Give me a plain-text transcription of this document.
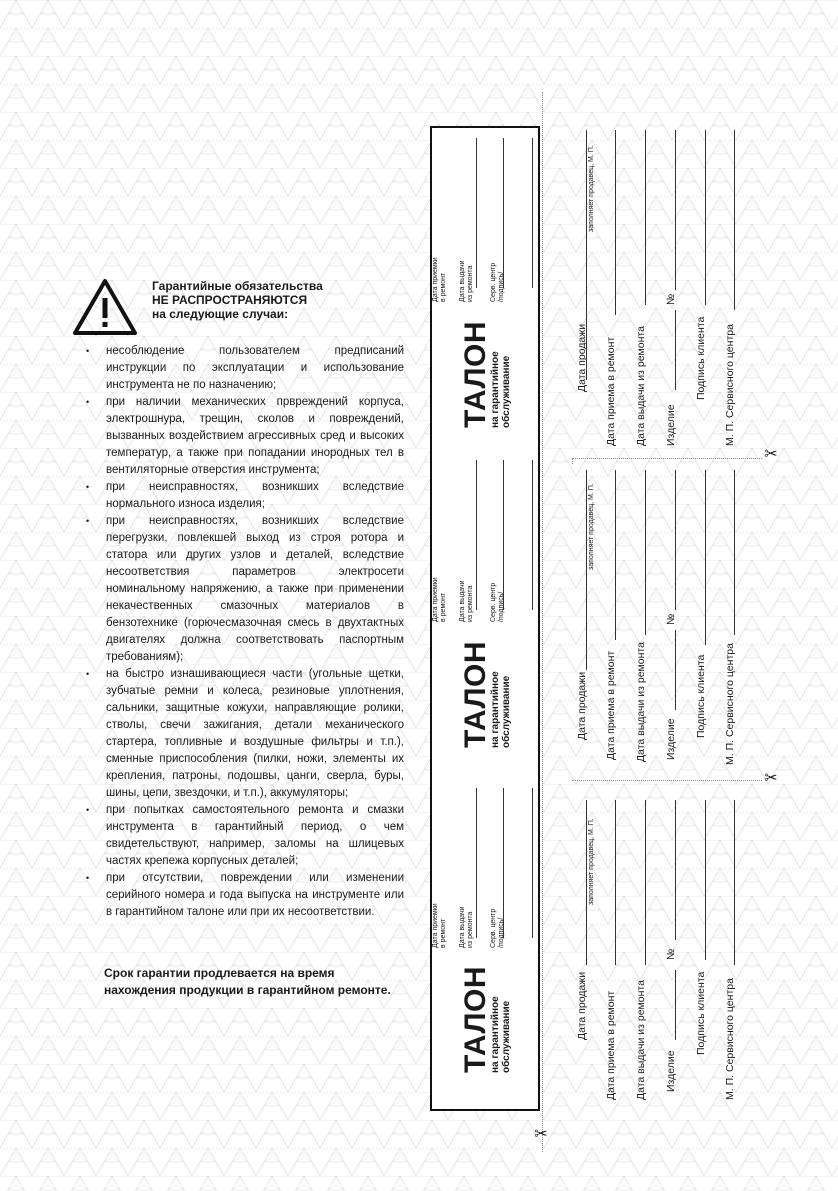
Гарантийные обязательства
НЕ РАСПРОСТРАНЯЮТСЯ
на следующие случаи:
• несоблюдение пользователем предписаний инструкции по эксплуатации и использование инструмента не по назначению;
• при наличии механических првреждений корпуса, электрошнура, трещин, сколов и повреждений, вызванных воздействием агрессивных сред и высоких температур, а также при попадании инородных тел в вентиляторные отверстия инструмента;
• при неисправностях, возникших вследствие нормального износа изделия;
• при неисправностях, возникших вследствие перегрузки, повлекшей выход из строя ротора и статора или других узлов и деталей, вследствие несоответствия параметров электросети номинальному напряжению, а также при применении некачественных смазочных материалов в бензотехнике (горючесмазочная смесь в двухтактных двигателях должна соответствовать паспортным требованиям);
• на быстро изнашивающиеся части (угольные щетки, зубчатые ремни и колеса, резиновые уплотнения, сальники, защитные кожухи, направляющие ролики, стволы, свечи зажигания, детали механического стартера, топливные и воздушные фильтры и т.п.), сменные приспособления (пилки, ножи, элементы их крепления, патроны, подошвы, цанги, сверла, буры, шины, цепи, звездочки, и т.п.), аккумуляторы;
• при попытках самостоятельного ремонта и смазки инструмента в гарантийный период, о чем свидетельствуют, например, заломы на шлицевых частях крепежа корпусных деталей;
• при отсутствии, повреждении или изменении серийного номера и года выпуска на инструменте или в гарантийном талоне или при их несоответствии.
Срок гарантии продлевается на время
нахождения продукции в гарантийном ремонте.
ТАЛОН
на гарантийное обслуживание
Дата приемки в ремонт Дата выдачи из ремонта Серв. центр /подпись/
ТАЛОН
на гарантийное обслуживание
Дата приемки в ремонт Дата выдачи из ремонта Серв. центр /подпись/
ТАЛОН
на гарантийное обслуживание
Дата приемки в ремонт Дата выдачи из ремонта Серв. центр /подпись/
Дата продажи
заполняет продавец, М. П.
Дата приема в ремонт Дата выдачи из ремонта Изделие
№
Подпись клиента М. П. Сервисного центра
Дата продажи
заполняет продавец, М. П.
Дата приема в ремонт Дата выдачи из ремонта Изделие
№
Подпись клиента М. П. Сервисного центра
Дата продажи
заполняет продавец, М. П.
Дата приема в ремонт Дата выдачи из ремонта Изделие
№
Подпись клиента М. П. Сервисного центра
✂
✂
✂
